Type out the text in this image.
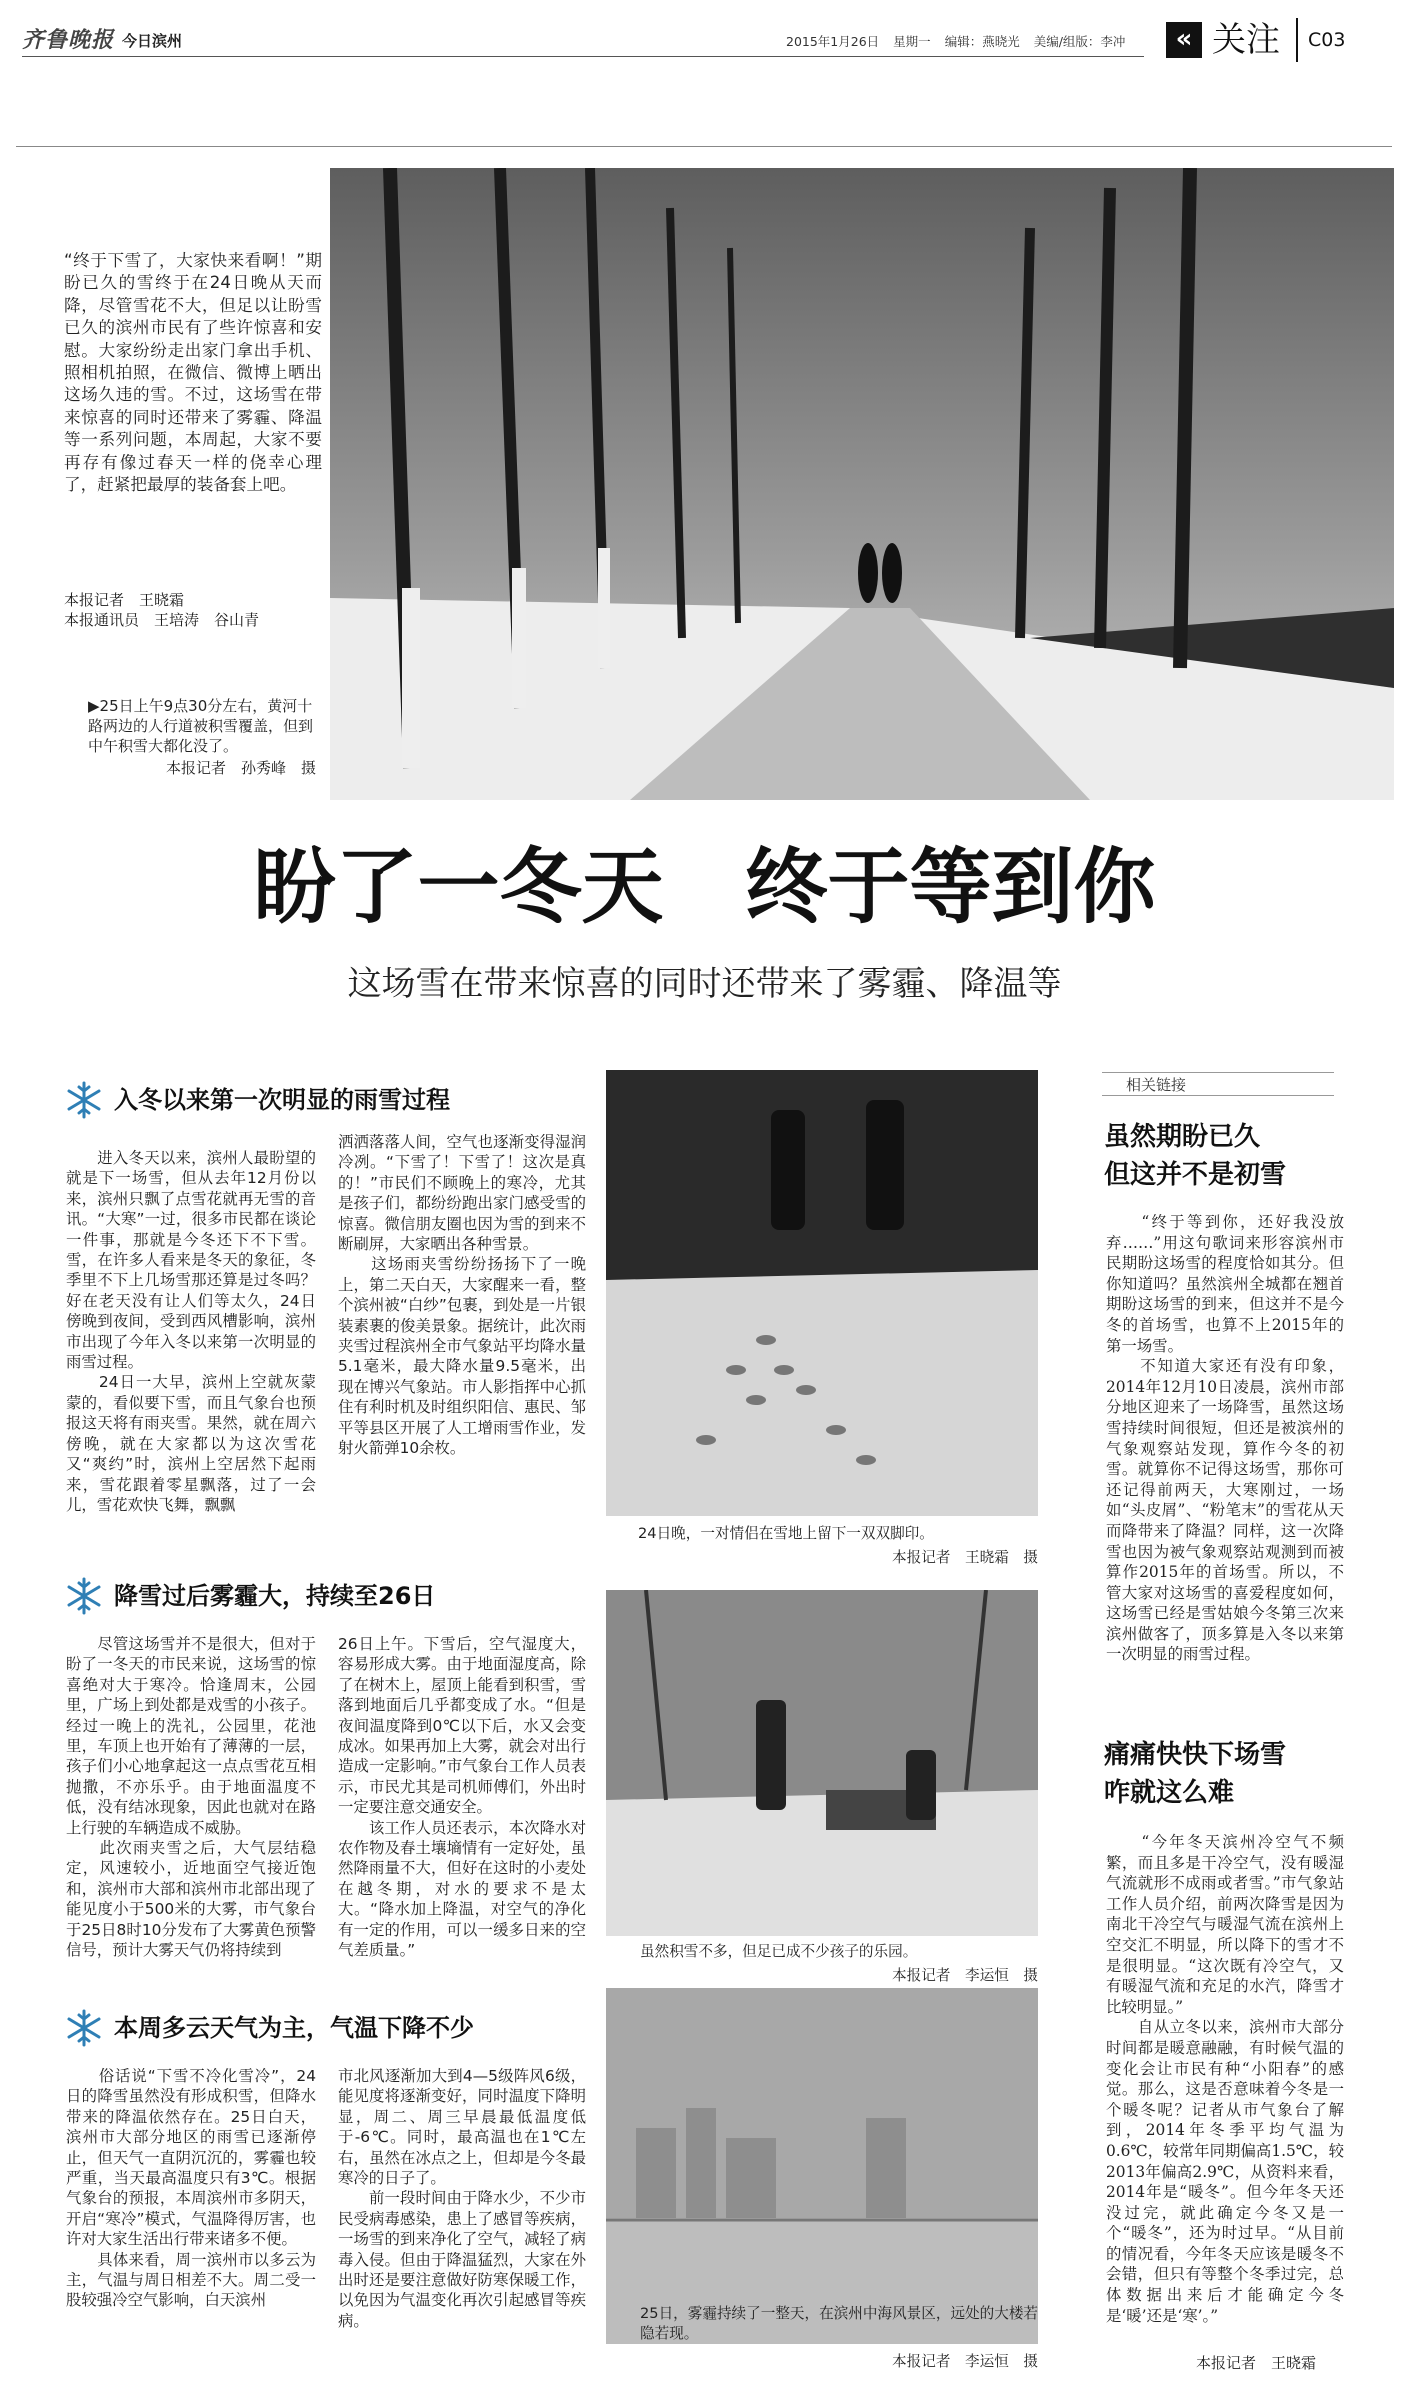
齐鲁晚报 今日滨州	2015年1月26日 星期一 编辑：燕晓光 美编/组版：李冲	« 关注 C03
“终于下雪了，大家快来看啊！”期盼已久的雪终于在24日晚从天而降，尽管雪花不大，但足以让盼雪已久的滨州市民有了些许惊喜和安慰。大家纷纷走出家门拿出手机、照相机拍照，在微信、微博上晒出这场久违的雪。不过，这场雪在带来惊喜的同时还带来了雾霾、降温等一系列问题，本周起，大家不要再存有像过春天一样的侥幸心理了，赶紧把最厚的装备套上吧。
本报记者　王晓霜
本报通讯员　王培涛　谷山青
▶25日上午9点30分左右，黄河十路两边的人行道被积雪覆盖，但到中午积雪大都化没了。
本报记者　孙秀峰　摄
盼了一冬天　终于等到你
这场雪在带来惊喜的同时还带来了雾霾、降温等
入冬以来第一次明显的雨雪过程
　　进入冬天以来，滨州人最盼望的就是下一场雪，但从去年12月份以来，滨州只飘了点雪花就再无雪的音讯。“大寒”一过，很多市民都在谈论一件事，那就是今冬还下不下雪。雪，在许多人看来是冬天的象征，冬季里不下上几场雪那还算是过冬吗？好在老天没有让人们等太久，24日傍晚到夜间，受到西风槽影响，滨州市出现了今年入冬以来第一次明显的雨雪过程。
　　24日一大早，滨州上空就灰蒙蒙的，看似要下雪，而且气象台也预报这天将有雨夹雪。果然，就在周六傍晚，就在大家都以为这次雪花又“爽约”时，滨州上空居然下起雨来，雪花跟着零星飘落，过了一会儿，雪花欢快飞舞，飘飘
洒洒落落人间，空气也逐渐变得湿润冷冽。“下雪了！下雪了！这次是真的！”市民们不顾晚上的寒冷，尤其是孩子们，都纷纷跑出家门感受雪的惊喜。微信朋友圈也因为雪的到来不断刷屏，大家晒出各种雪景。
　　这场雨夹雪纷纷扬扬下了一晚上，第二天白天，大家醒来一看，整个滨州被“白纱”包裹，到处是一片银装素裹的俊美景象。据统计，此次雨夹雪过程滨州全市气象站平均降水量5.1毫米，最大降水量9.5毫米，出现在博兴气象站。市人影指挥中心抓住有利时机及时组织阳信、惠民、邹平等县区开展了人工增雨雪作业，发射火箭弹10余枚。
降雪过后雾霾大，持续至26日
　　尽管这场雪并不是很大，但对于盼了一冬天的市民来说，这场雪的惊喜绝对大于寒冷。恰逢周末，公园里，广场上到处都是戏雪的小孩子。经过一晚上的洗礼，公园里，花池里，车顶上也开始有了薄薄的一层，孩子们小心地拿起这一点点雪花互相抛撒，不亦乐乎。由于地面温度不低，没有结冰现象，因此也就对在路上行驶的车辆造成不威胁。
　　此次雨夹雪之后，大气层结稳定，风速较小，近地面空气接近饱和，滨州市大部和滨州市北部出现了能见度小于500米的大雾，市气象台于25日8时10分发布了大雾黄色预警信号，预计大雾天气仍将持续到
26日上午。下雪后，空气湿度大，容易形成大雾。由于地面湿度高，除了在树木上，屋顶上能看到积雪，雪落到地面后几乎都变成了水。“但是夜间温度降到0℃以下后，水又会变成冰。如果再加上大雾，就会对出行造成一定影响。”市气象台工作人员表示，市民尤其是司机师傅们，外出时一定要注意交通安全。
　　该工作人员还表示，本次降水对农作物及春土壤墒情有一定好处，虽然降雨量不大，但好在这时的小麦处在越冬期，对水的要求不是太大。“降水加上降温，对空气的净化有一定的作用，可以一缓多日来的空气差质量。”
本周多云天气为主，气温下降不少
　　俗话说“下雪不冷化雪冷”，24日的降雪虽然没有形成积雪，但降水带来的降温依然存在。25日白天，滨州市大部分地区的雨雪已逐渐停止，但天气一直阴沉沉的，雾霾也较严重，当天最高温度只有3℃。根据气象台的预报，本周滨州市多阴天，开启“寒冷”模式，气温降得厉害，也许对大家生活出行带来诸多不便。
　　具体来看，周一滨州市以多云为主，气温与周日相差不大。周二受一股较强冷空气影响，白天滨州
市北风逐渐加大到4—5级阵风6级，能见度将逐渐变好，同时温度下降明显，周二、周三早晨最低温度低于-6℃。同时，最高温也在1℃左右，虽然在冰点之上，但却是今冬最寒冷的日子了。
　　前一段时间由于降水少，不少市民受病毒感染，患上了感冒等疾病，一场雪的到来净化了空气，减轻了病毒入侵。但由于降温猛烈，大家在外出时还是要注意做好防寒保暖工作，以免因为气温变化再次引起感冒等疾病。
24日晚，一对情侣在雪地上留下一双双脚印。
本报记者　王晓霜　摄
虽然积雪不多，但足已成不少孩子的乐园。
本报记者　李运恒　摄
25日，雾霾持续了一整天，在滨州中海风景区，远处的大楼若隐若现。
本报记者　李运恒　摄
相关链接
虽然期盼已久
但这并不是初雪
　　“终于等到你，还好我没放弃……”用这句歌词来形容滨州市民期盼这场雪的程度恰如其分。但你知道吗？虽然滨州全城都在翘首期盼这场雪的到来，但这并不是今冬的首场雪，也算不上2015年的第一场雪。
　　不知道大家还有没有印象，2014年12月10日凌晨，滨州市部分地区迎来了一场降雪，虽然这场雪持续时间很短，但还是被滨州的气象观察站发现，算作今冬的初雪。就算你不记得这场雪，那你可还记得前两天，大寒刚过，一场如“头皮屑”、“粉笔末”的雪花从天而降带来了降温？同样，这一次降雪也因为被气象观察站观测到而被算作2015年的首场雪。所以，不管大家对这场雪的喜爱程度如何，这场雪已经是雪姑娘今冬第三次来滨州做客了，顶多算是入冬以来第一次明显的雨雪过程。
痛痛快快下场雪
咋就这么难
　　“今年冬天滨州冷空气不频繁，而且多是干冷空气，没有暖湿气流就形不成雨或者雪。”市气象站工作人员介绍，前两次降雪是因为南北干冷空气与暖湿气流在滨州上空交汇不明显，所以降下的雪才不是很明显。“这次既有冷空气，又有暖湿气流和充足的水汽，降雪才比较明显。”
　　自从立冬以来，滨州市大部分时间都是暖意融融，有时候气温的变化会让市民有种“小阳春”的感觉。那么，这是否意味着今冬是一个暖冬呢？记者从市气象台了解到，2014年冬季平均气温为0.6℃，较常年同期偏高1.5℃，较2013年偏高2.9℃，从资料来看，2014年是“暖冬”。但今年冬天还没过完，就此确定今冬又是一个“暖冬”，还为时过早。“从目前的情况看，今年冬天应该是暖冬不会错，但只有等整个冬季过完，总体数据出来后才能确定今冬是‘暖’还是‘寒’。”
本报记者　王晓霜
